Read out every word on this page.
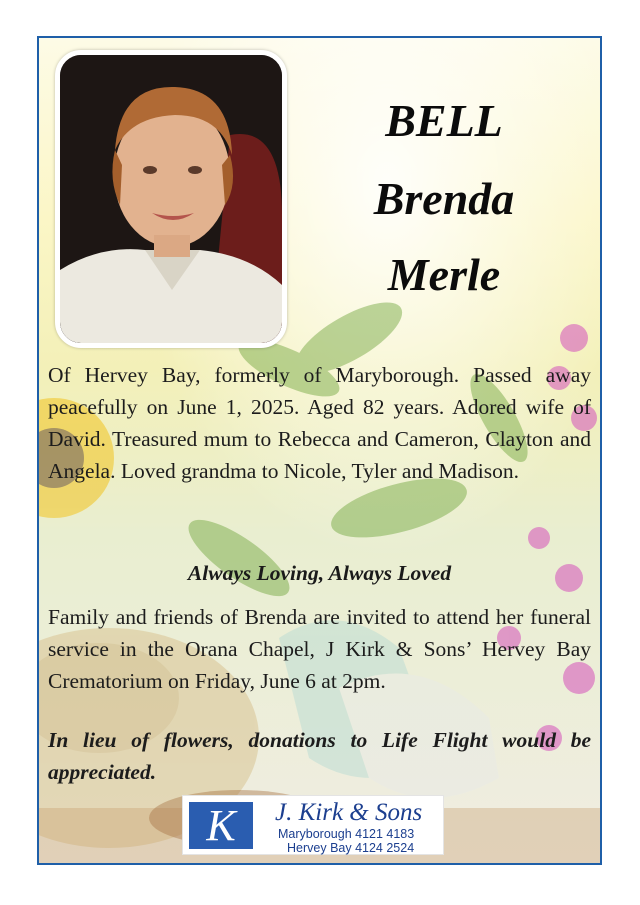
BELL
Brenda
Merle

Of Hervey Bay, formerly of Maryborough. Passed away peacefully on June 1, 2025. Aged 82 years. Adored wife of David. Treasured mum to Rebecca and Cameron, Clayton and Angela. Loved grandma to Nicole, Tyler and Madison.

Always Loving, Always Loved

Family and friends of Brenda are invited to attend her funeral service in the Orana Chapel, J Kirk & Sons’ Hervey Bay Crematorium on Friday, June 6 at 2pm.

In lieu of flowers, donations to Life Flight would be appreciated.

K	J. Kirk & Sons
Maryborough 4121 4183
Hervey Bay 4124 2524
